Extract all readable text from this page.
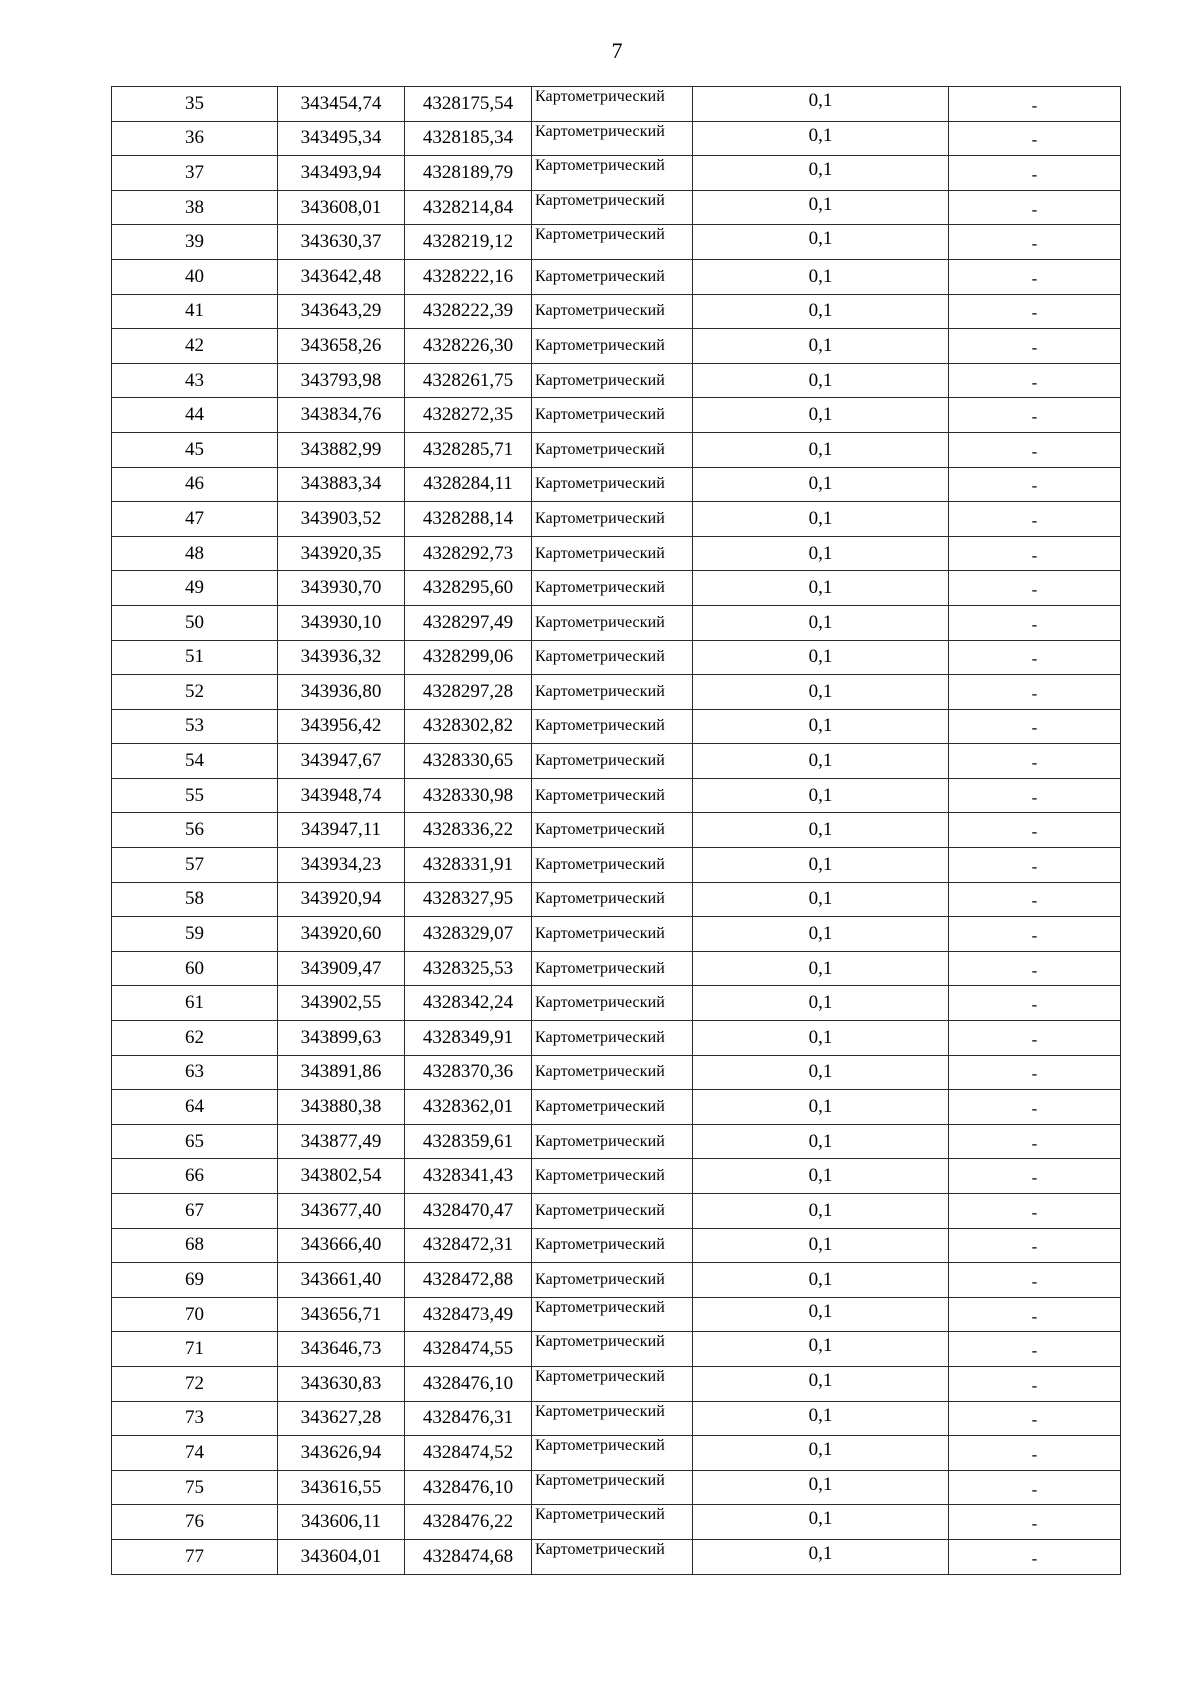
7
35	343454,74	4328175,54	Картометрический	0,1	-
36	343495,34	4328185,34	Картометрический	0,1	-
37	343493,94	4328189,79	Картометрический	0,1	-
38	343608,01	4328214,84	Картометрический	0,1	-
39	343630,37	4328219,12	Картометрический	0,1	-
40	343642,48	4328222,16	Картометрический	0,1	-
41	343643,29	4328222,39	Картометрический	0,1	-
42	343658,26	4328226,30	Картометрический	0,1	-
43	343793,98	4328261,75	Картометрический	0,1	-
44	343834,76	4328272,35	Картометрический	0,1	-
45	343882,99	4328285,71	Картометрический	0,1	-
46	343883,34	4328284,11	Картометрический	0,1	-
47	343903,52	4328288,14	Картометрический	0,1	-
48	343920,35	4328292,73	Картометрический	0,1	-
49	343930,70	4328295,60	Картометрический	0,1	-
50	343930,10	4328297,49	Картометрический	0,1	-
51	343936,32	4328299,06	Картометрический	0,1	-
52	343936,80	4328297,28	Картометрический	0,1	-
53	343956,42	4328302,82	Картометрический	0,1	-
54	343947,67	4328330,65	Картометрический	0,1	-
55	343948,74	4328330,98	Картометрический	0,1	-
56	343947,11	4328336,22	Картометрический	0,1	-
57	343934,23	4328331,91	Картометрический	0,1	-
58	343920,94	4328327,95	Картометрический	0,1	-
59	343920,60	4328329,07	Картометрический	0,1	-
60	343909,47	4328325,53	Картометрический	0,1	-
61	343902,55	4328342,24	Картометрический	0,1	-
62	343899,63	4328349,91	Картометрический	0,1	-
63	343891,86	4328370,36	Картометрический	0,1	-
64	343880,38	4328362,01	Картометрический	0,1	-
65	343877,49	4328359,61	Картометрический	0,1	-
66	343802,54	4328341,43	Картометрический	0,1	-
67	343677,40	4328470,47	Картометрический	0,1	-
68	343666,40	4328472,31	Картометрический	0,1	-
69	343661,40	4328472,88	Картометрический	0,1	-
70	343656,71	4328473,49	Картометрический	0,1	-
71	343646,73	4328474,55	Картометрический	0,1	-
72	343630,83	4328476,10	Картометрический	0,1	-
73	343627,28	4328476,31	Картометрический	0,1	-
74	343626,94	4328474,52	Картометрический	0,1	-
75	343616,55	4328476,10	Картометрический	0,1	-
76	343606,11	4328476,22	Картометрический	0,1	-
77	343604,01	4328474,68	Картометрический	0,1	-
